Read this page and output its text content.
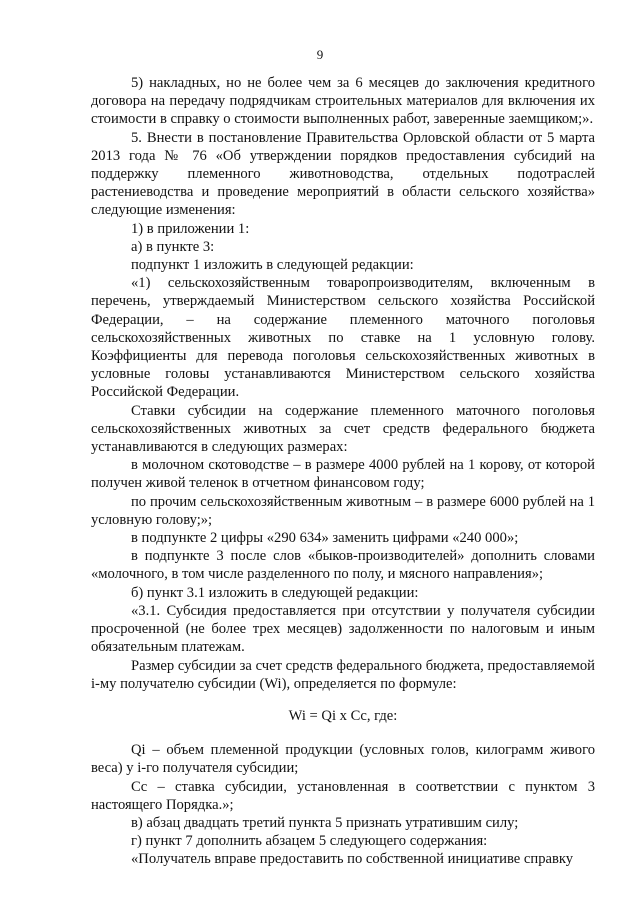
9

5) накладных, но не более чем за 6 месяцев до заключения кредитного договора на передачу подрядчикам строительных материалов для включения их стоимости в справку о стоимости выполненных работ, заверенные заемщиком;».

5. Внести в постановление Правительства Орловской области от 5 марта 2013 года № 76 «Об утверждении порядков предоставления субсидий на поддержку племенного животноводства, отдельных подотраслей растениеводства и проведение мероприятий в области сельского хозяйства» следующие изменения:

1) в приложении 1:

а) в пункте 3:

подпункт 1 изложить в следующей редакции:

«1) сельскохозяйственным товаропроизводителям, включенным в перечень, утверждаемый Министерством сельского хозяйства Российской Федерации, – на содержание племенного маточного поголовья сельскохозяйственных животных по ставке на 1 условную голову. Коэффициенты для перевода поголовья сельскохозяйственных животных в условные головы устанавливаются Министерством сельского хозяйства Российской Федерации.

Ставки субсидии на содержание племенного маточного поголовья сельскохозяйственных животных за счет средств федерального бюджета устанавливаются в следующих размерах:

в молочном скотоводстве – в размере 4000 рублей на 1 корову, от которой получен живой теленок в отчетном финансовом году;

по прочим сельскохозяйственным животным – в размере 6000 рублей на 1 условную голову;»;

в подпункте 2 цифры «290 634» заменить цифрами «240 000»;

в подпункте 3 после слов «быков-производителей» дополнить словами «молочного, в том числе разделенного по полу, и мясного направления»;

б) пункт 3.1 изложить в следующей редакции:

«3.1. Субсидия предоставляется при отсутствии у получателя субсидии просроченной (не более трех месяцев) задолженности по налоговым и иным обязательным платежам.

Размер субсидии за счет средств федерального бюджета, предоставляемой i-му получателю субсидии (Wi), определяется по формуле:

Wi = Qi x Cc, где:

Qi – объем племенной продукции (условных голов, килограмм живого веса) у i-го получателя субсидии;

Cc – ставка субсидии, установленная в соответствии с пунктом 3 настоящего Порядка.»;

в) абзац двадцать третий пункта 5 признать утратившим силу;

г) пункт 7 дополнить абзацем 5 следующего содержания:

«Получатель вправе предоставить по собственной инициативе справку
